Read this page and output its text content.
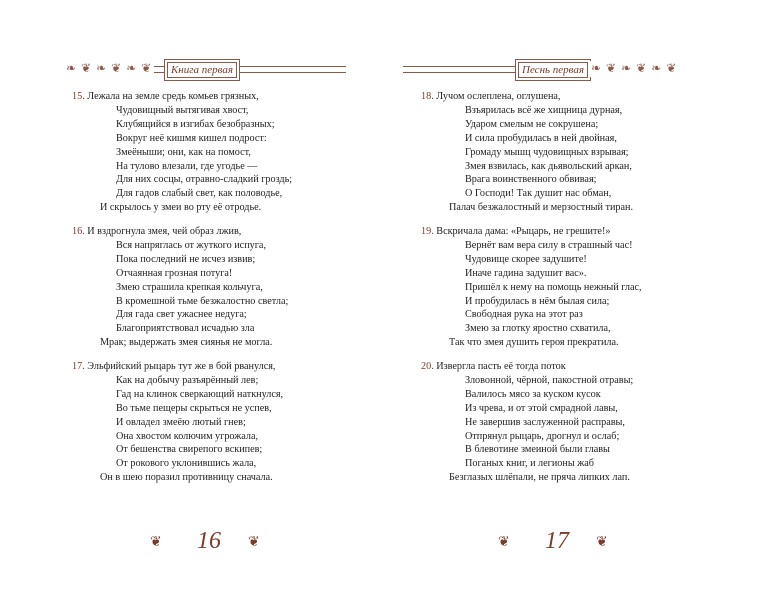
❧ ❦ ❧ ❦ ❧ ❦	Книга первая
15. Лежала на земле средь комьев грязных,
Чудовищный вытягивая хвост,
Клубящийся в изгибах безобразных;
Вокруг неё кишмя кишел подрост:
Змеёныши; они, как на помост,
На тулово влезали, где угодье —
Для них сосцы, отравно-сладкий гроздь;
Для гадов слабый свет, как половодье,
И скрылось у змеи во рту её отродье.
16. И вздрогнула змея, чей образ лжив,
Вся напряглась от жуткого испуга,
Пока последний не исчез извив;
Отчаянная грозная потуга!
Змею страшила крепкая кольчуга,
В кромешной тьме безжалостно светла;
Для гада свет ужаснее недуга;
Благоприятствовал исчадью зла
Мрак; выдержать змея сиянья не могла.
17. Эльфийский рыцарь тут же в бой рванулся,
Как на добычу разъярённый лев;
Гад на клинок сверкающий наткнулся,
Во тьме пещеры скрыться не успев,
И овладел змеёю лютый гнев;
Она хвостом колючим угрожала,
От бешенства свирепого вскипев;
От рокового уклонившись жала,
Он в шею поразил противницу сначала.
❦ 16 ❦
Песнь первая ❧ ❦ ❧ ❦ ❧ ❦
18. Лучом ослеплена, оглушена,
Взъярилась всё же хищница дурная,
Ударом смелым не сокрушена;
И сила пробудилась в ней двойная,
Громаду мышц чудовищных взрывая;
Змея взвилась, как дьявольский аркан,
Врага воинственного обвивая;
О Господи! Так душит нас обман,
Палач безжалостный и мерзостный тиран.
19. Вскричала дама: «Рыцарь, не грешите!»
Вернёт вам вера силу в страшный час!
Чудовище скорее задушите!
Иначе гадина задушит вас».
Пришёл к нему на помощь нежный глас,
И пробудилась в нём былая сила;
Свободная рука на этот раз
Змею за глотку яростно схватила,
Так что змея душить героя прекратила.
20. Извергла пасть её тогда поток
Зловонной, чёрной, пакостной отравы;
Валилось мясо за куском кусок
Из чрева, и от этой смрадной лавы,
Не завершив заслуженной расправы,
Отпрянул рыцарь, дрогнул и ослаб;
В блевотине змеиной были главы
Поганых книг, и легионы жаб
Безглазых шлёпали, не пряча липких лап.
❦ 17 ❦
